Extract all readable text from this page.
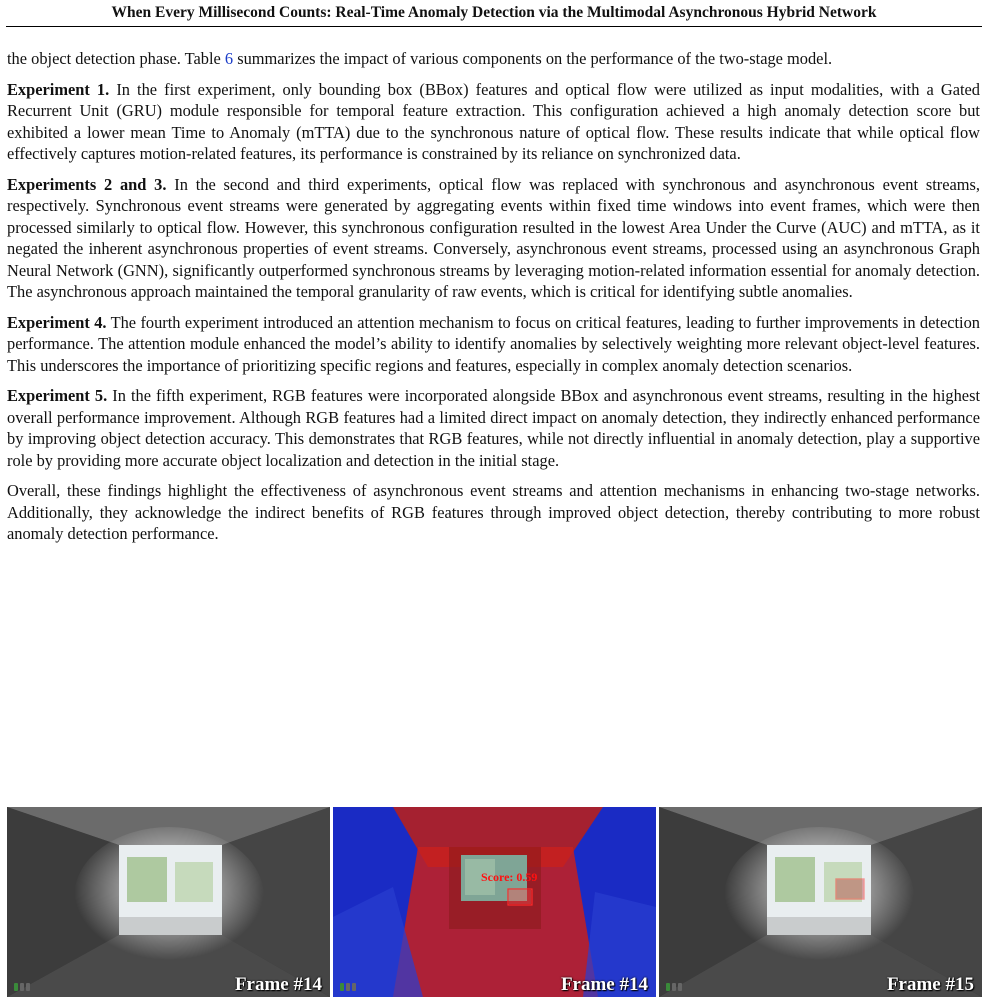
When Every Millisecond Counts: Real-Time Anomaly Detection via the Multimodal Asynchronous Hybrid Network

the object detection phase. Table 6 summarizes the impact of various components on the performance of the two-stage model.

Experiment 1. In the first experiment, only bounding box (BBox) features and optical flow were utilized as input modalities, with a Gated Recurrent Unit (GRU) module responsible for temporal feature extraction. This configuration achieved a high anomaly detection score but exhibited a lower mean Time to Anomaly (mTTA) due to the synchronous nature of optical flow. These results indicate that while optical flow effectively captures motion-related features, its performance is constrained by its reliance on synchronized data.

Experiments 2 and 3. In the second and third experiments, optical flow was replaced with synchronous and asynchronous event streams, respectively. Synchronous event streams were generated by aggregating events within fixed time windows into event frames, which were then processed similarly to optical flow. However, this synchronous configuration resulted in the lowest Area Under the Curve (AUC) and mTTA, as it negated the inherent asynchronous properties of event streams. Conversely, asynchronous event streams, processed using an asynchronous Graph Neural Network (GNN), significantly outperformed synchronous streams by leveraging motion-related information essential for anomaly detection. The asynchronous approach maintained the temporal granularity of raw events, which is critical for identifying subtle anomalies.

Experiment 4. The fourth experiment introduced an attention mechanism to focus on critical features, leading to further improvements in detection performance. The attention module enhanced the model’s ability to identify anomalies by selectively weighting more relevant object-level features. This underscores the importance of prioritizing specific regions and features, especially in complex anomaly detection scenarios.

Experiment 5. In the fifth experiment, RGB features were incorporated alongside BBox and asynchronous event streams, resulting in the highest overall performance improvement. Although RGB features had a limited direct impact on anomaly detection, they indirectly enhanced performance by improving object detection accuracy. This demonstrates that RGB features, while not directly influential in anomaly detection, play a supportive role by providing more accurate object localization and detection in the initial stage.

Overall, these findings highlight the effectiveness of asynchronous event streams and attention mechanisms in enhancing two-stage networks. Additionally, they acknowledge the indirect benefits of RGB features through improved object detection, thereby contributing to more robust anomaly detection performance.

Frame #14
Score: 0.59
Frame #14	Frame #15
